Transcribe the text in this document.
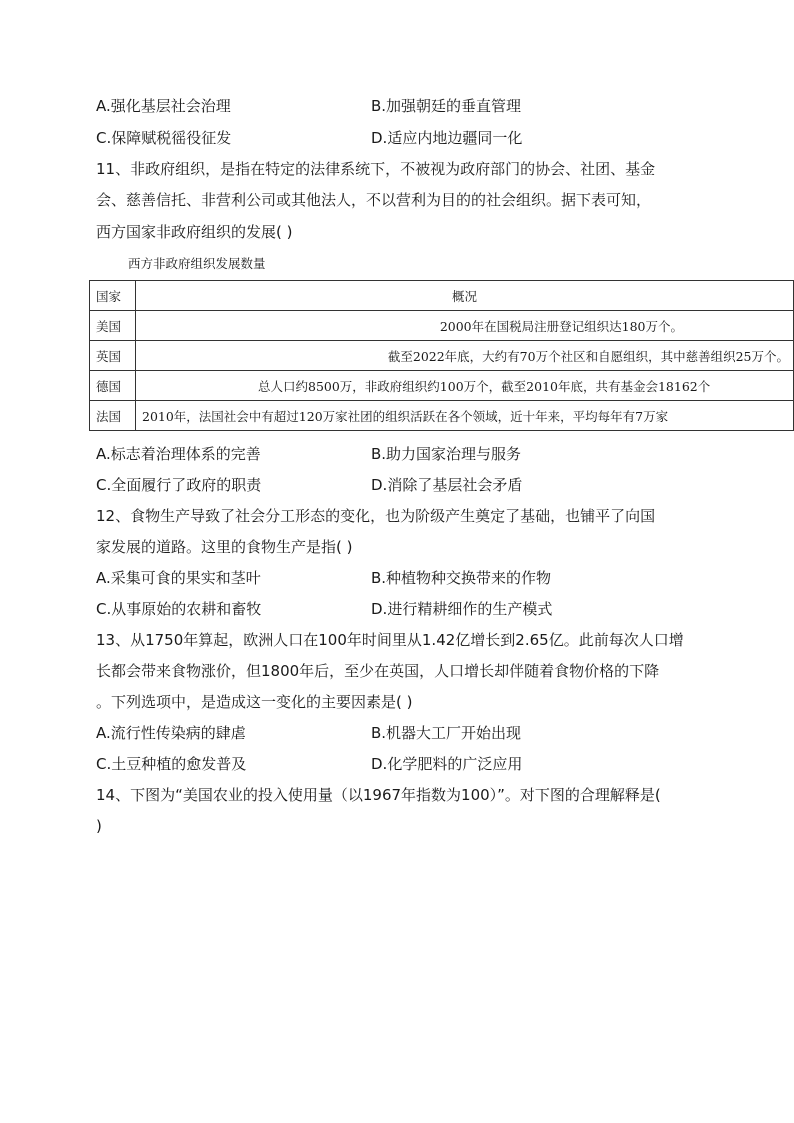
A.强化基层社会治理	B.加强朝廷的垂直管理
C.保障赋税徭役征发	D.适应内地边疆同一化
11、非政府组织，是指在特定的法律系统下，不被视为政府部门的协会、社团、基金
会、慈善信托、非营利公司或其他法人，不以营利为目的的社会组织。据下表可知，
西方国家非政府组织的发展( )
西方非政府组织发展数量
国家	概况
美国	2000年在国税局注册登记组织达180万个。
英国	截至2022年底，大约有70万个社区和自愿组织，其中慈善组织25万个。
德国	总人口约8500万，非政府组织约100万个，截至2010年底，共有基金会18162个
法国	2010年，法国社会中有超过120万家社团的组织活跃在各个领域，近十年来，平均每年有7万家
A.标志着治理体系的完善	B.助力国家治理与服务
C.全面履行了政府的职责	D.消除了基层社会矛盾
12、食物生产导致了社会分工形态的变化，也为阶级产生奠定了基础，也铺平了向国
家发展的道路。这里的食物生产是指( )
A.采集可食的果实和茎叶	B.种植物种交换带来的作物
C.从事原始的农耕和畜牧	D.进行精耕细作的生产模式
13、从1750年算起，欧洲人口在100年时间里从1.42亿增长到2.65亿。此前每次人口增
长都会带来食物涨价，但1800年后，至少在英国，人口增长却伴随着食物价格的下降
。下列选项中，是造成这一变化的主要因素是( )
A.流行性传染病的肆虐	B.机器大工厂开始出现
C.土豆种植的愈发普及	D.化学肥料的广泛应用
14、下图为“美国农业的投入使用量（以1967年指数为100）”。对下图的合理解释是(
)
